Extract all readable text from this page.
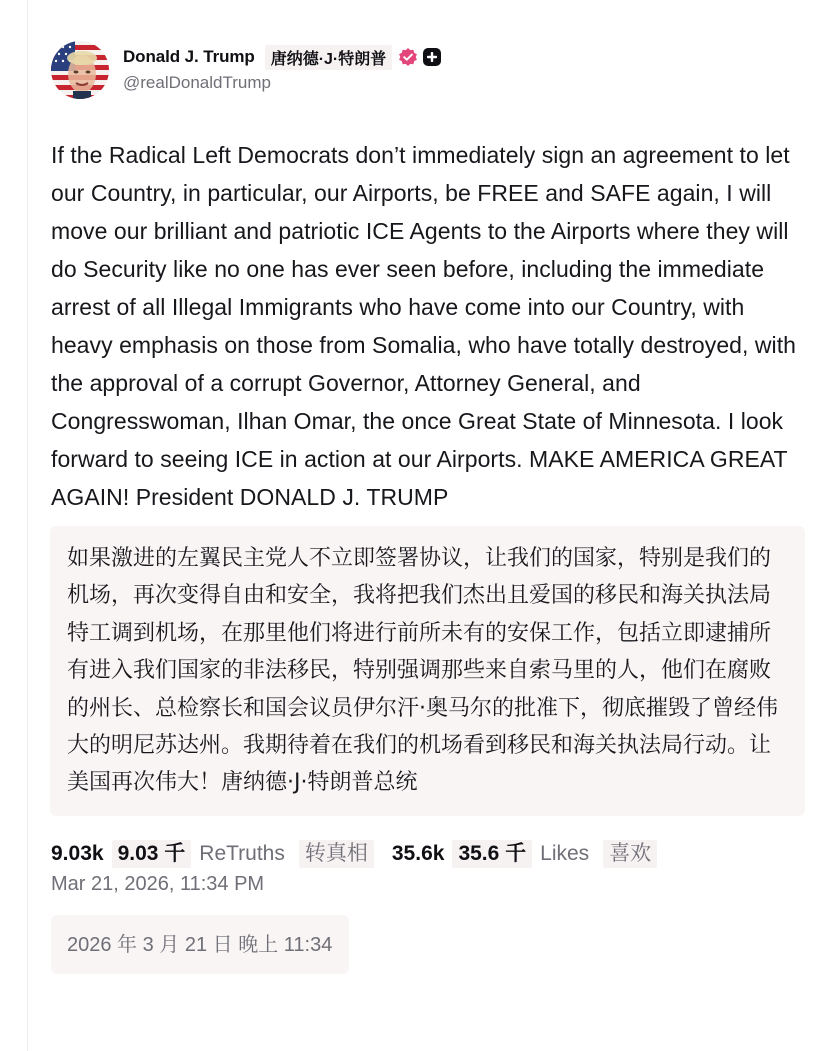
Donald J. Trump	唐纳德·J·特朗普
@realDonaldTrump
If the Radical Left Democrats don’t immediately sign an agreement to let our Country, in particular, our Airports, be FREE and SAFE again, I will move our brilliant and patriotic ICE Agents to the Airports where they will do Security like no one has ever seen before, including the immediate arrest of all Illegal Immigrants who have come into our Country, with heavy emphasis on those from Somalia, who have totally destroyed, with the approval of a corrupt Governor, Attorney General, and Congresswoman, Ilhan Omar, the once Great State of Minnesota. I look forward to seeing ICE in action at our Airports. MAKE AMERICA GREAT AGAIN! President DONALD J. TRUMP
如果激进的左翼民主党人不立即签署协议，让我们的国家，特别是我们的机场，再次变得自由和安全，我将把我们杰出且爱国的移民和海关执法局特工调到机场，在那里他们将进行前所未有的安保工作，包括立即逮捕所有进入我们国家的非法移民，特别强调那些来自索马里的人，他们在腐败的州长、总检察长和国会议员伊尔汗·奥马尔的批准下，彻底摧毁了曾经伟大的明尼苏达州。我期待着在我们的机场看到移民和海关执法局行动。让美国再次伟大！唐纳德·J·特朗普总统
9.03k 9.03 千 ReTruths 转真相 35.6k 35.6 千 Likes 喜欢
Mar 21, 2026, 11:34 PM
2026 年 3 月 21 日 晚上 11:34
